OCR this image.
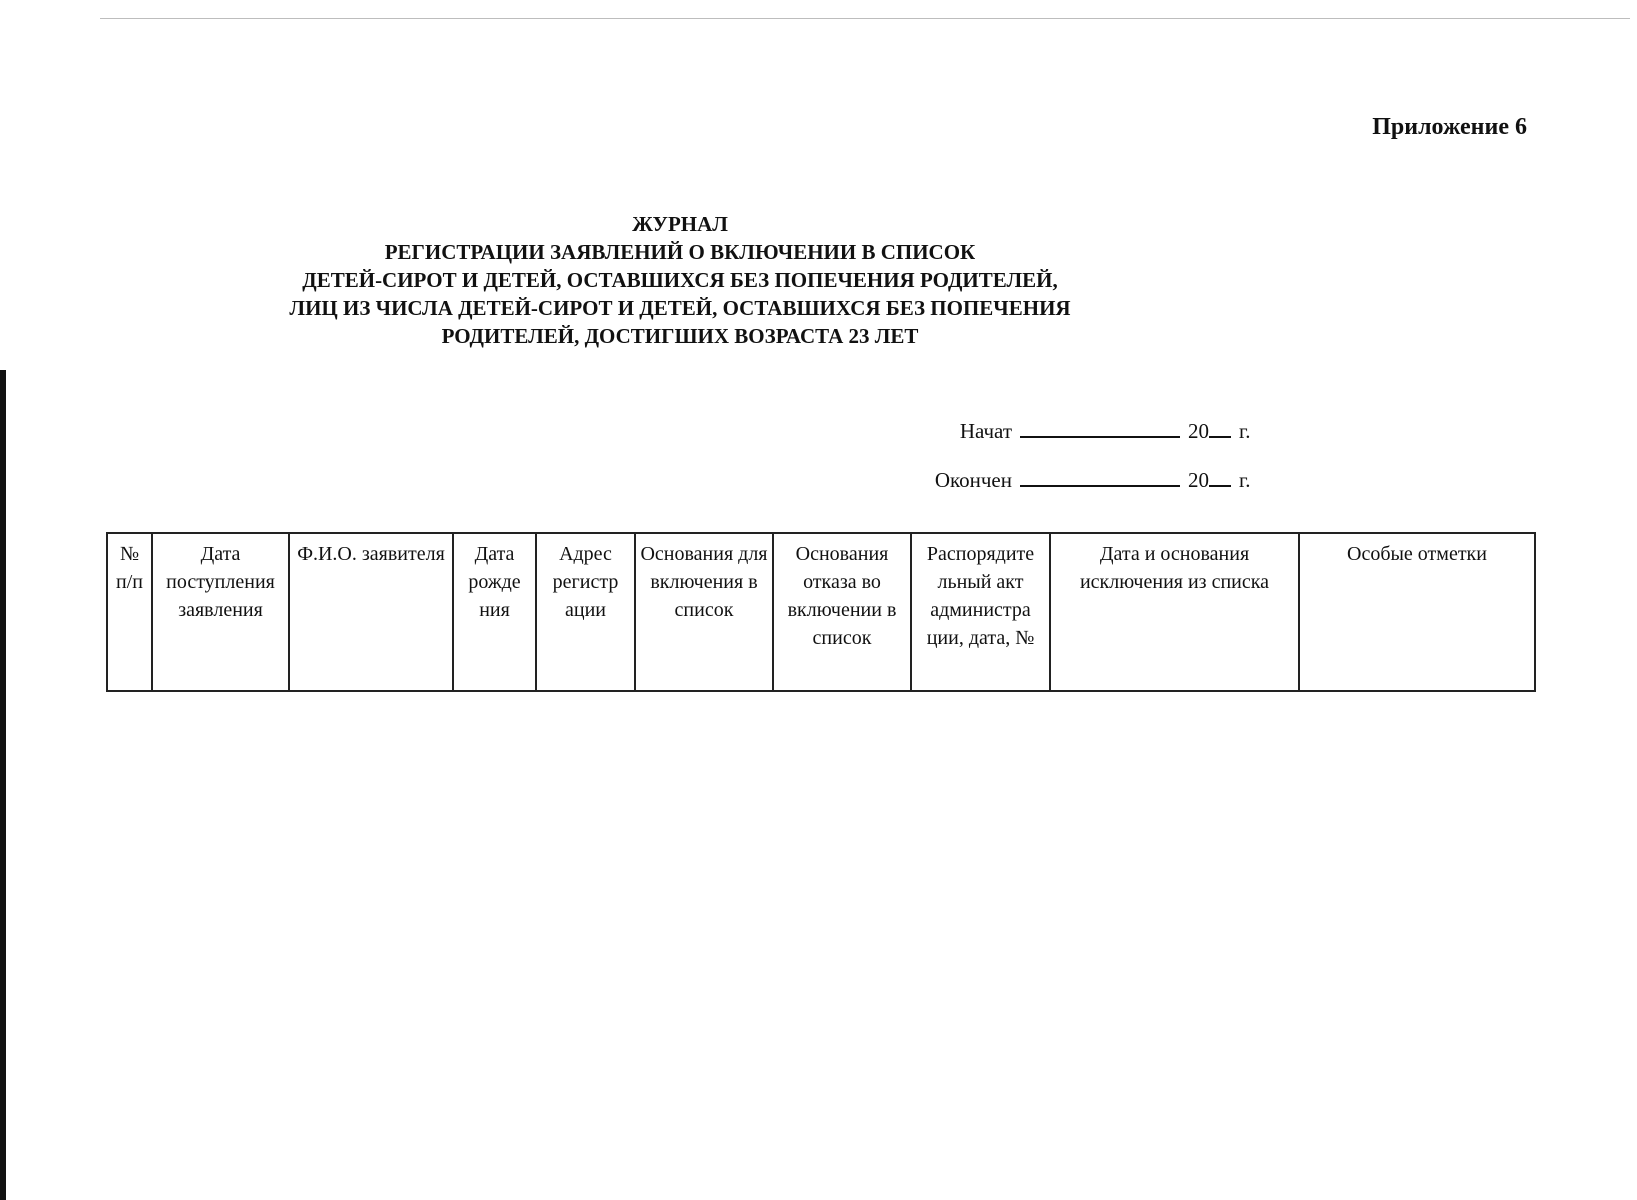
Приложение 6
ЖУРНАЛ
РЕГИСТРАЦИИ ЗАЯВЛЕНИЙ О ВКЛЮЧЕНИИ В СПИСОК
ДЕТЕЙ-СИРОТ И ДЕТЕЙ, ОСТАВШИХСЯ БЕЗ ПОПЕЧЕНИЯ РОДИТЕЛЕЙ,
ЛИЦ ИЗ ЧИСЛА ДЕТЕЙ-СИРОТ И ДЕТЕЙ, ОСТАВШИХСЯ БЕЗ ПОПЕЧЕНИЯ
РОДИТЕЛЕЙ, ДОСТИГШИХ ВОЗРАСТА 23 ЛЕТ
Начат	20 г.
Окончен	20 г.
№ п/п	Дата поступления заявления	Ф.И.О. заявителя	Дата рожде ния	Адрес регистр ации	Основания для включения в список	Основания отказа во включении в список	Распорядите льный акт администра ции, дата, №	Дата и основания исключения из списка	Особые отметки
